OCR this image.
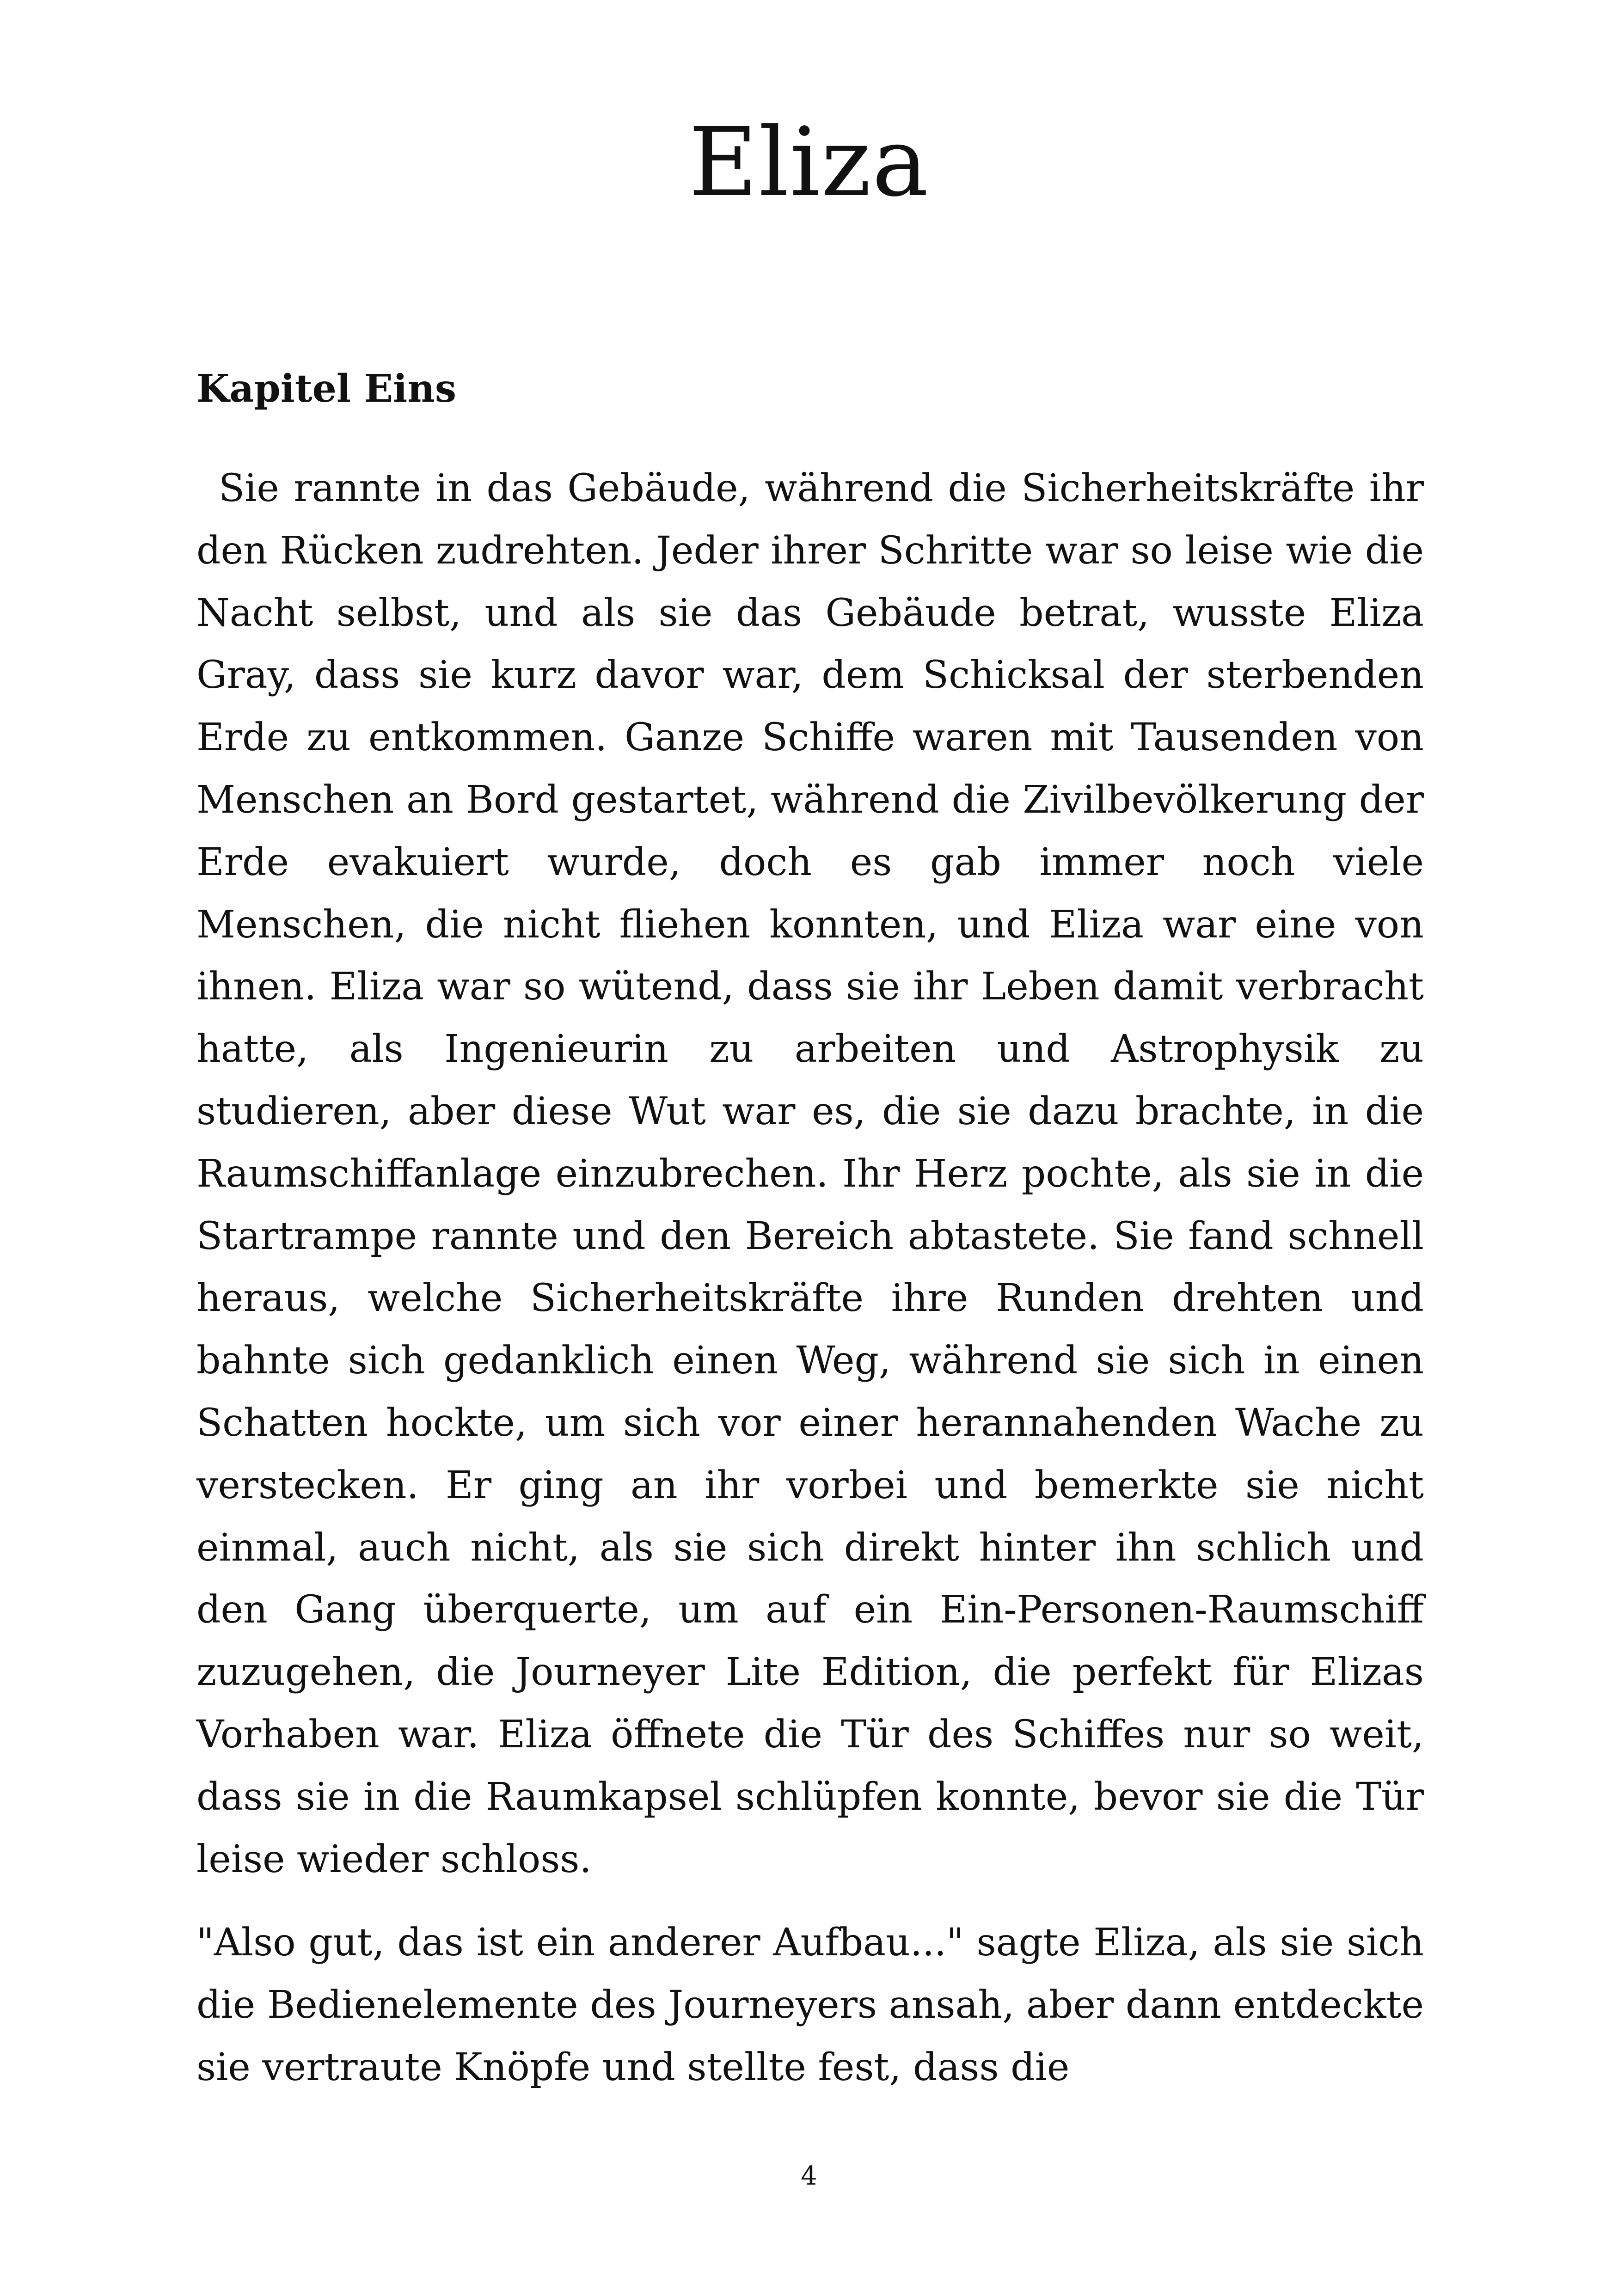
Eliza
Kapitel Eins

Sie rannte in das Gebäude, während die Sicherheitskräfte ihr den Rücken zudrehten. Jeder ihrer Schritte war so leise wie die Nacht selbst, und als sie das Gebäude betrat, wusste Eliza Gray, dass sie kurz davor war, dem Schicksal der sterbenden Erde zu entkommen. Ganze Schiffe waren mit Tausenden von Menschen an Bord gestartet, während die Zivilbevölkerung der Erde evakuiert wurde, doch es gab immer noch viele Menschen, die nicht fliehen konnten, und Eliza war eine von ihnen. Eliza war so wütend, dass sie ihr Leben damit verbracht hatte, als Ingenieurin zu arbeiten und Astrophysik zu studieren, aber diese Wut war es, die sie dazu brachte, in die Raumschiffanlage einzubrechen. Ihr Herz pochte, als sie in die Startrampe rannte und den Bereich abtastete. Sie fand schnell heraus, welche Sicherheitskräfte ihre Runden drehten und bahnte sich gedanklich einen Weg, während sie sich in einen Schatten hockte, um sich vor einer herannahenden Wache zu verstecken. Er ging an ihr vorbei und bemerkte sie nicht einmal, auch nicht, als sie sich direkt hinter ihn schlich und den Gang überquerte, um auf ein Ein-Personen-Raumschiff zuzugehen, die Journeyer Lite Edition, die perfekt für Elizas Vorhaben war. Eliza öffnete die Tür des Schiffes nur so weit, dass sie in die Raumkapsel schlüpfen konnte, bevor sie die Tür leise wieder schloss.

"Also gut, das ist ein anderer Aufbau..." sagte Eliza, als sie sich die Bedienelemente des Journeyers ansah, aber dann entdeckte sie vertraute Knöpfe und stellte fest, dass die

4
